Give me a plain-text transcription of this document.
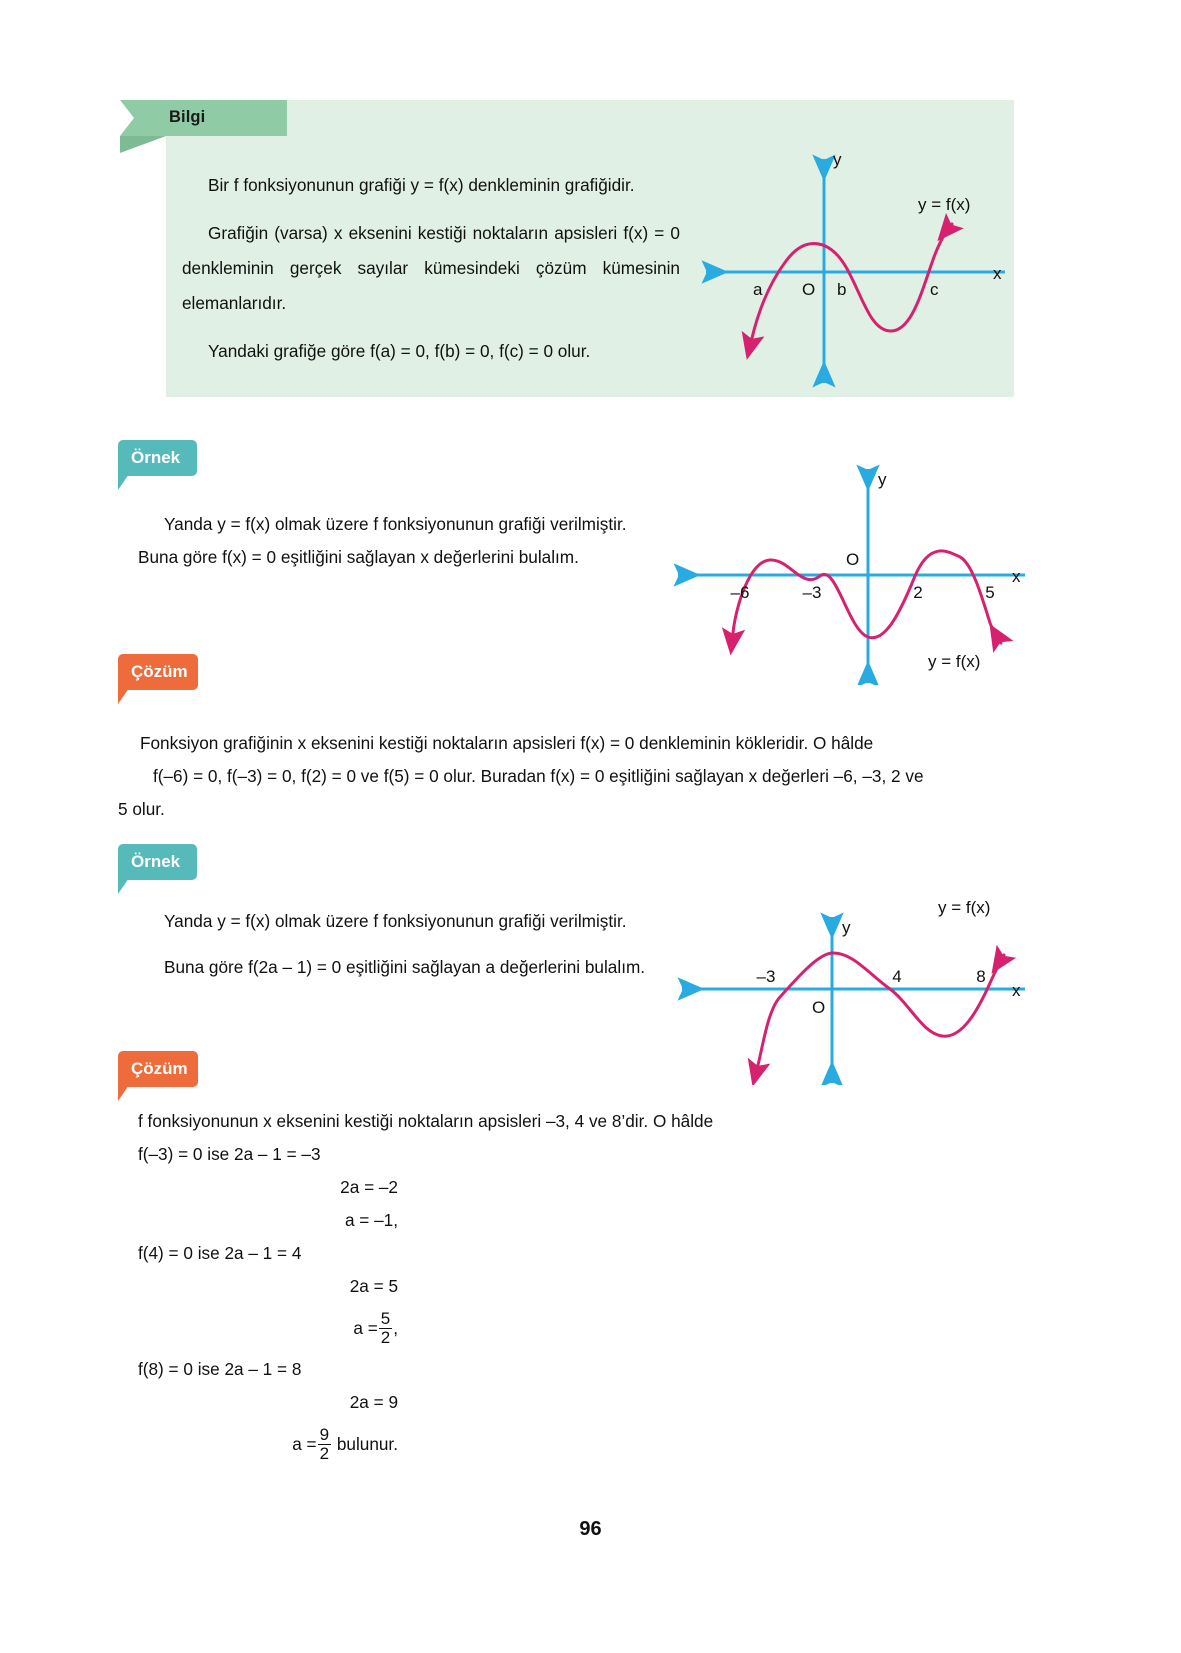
Bilgi

Bir f fonksiyonunun grafiği y = f(x) denkleminin grafiğidir.

Grafiğin (varsa) x eksenini kestiği noktaların apsisleri f(x) = 0 denkleminin gerçek sayılar kümesindeki çözüm kümesinin elemanlarıdır.

Yandaki grafiğe göre f(a) = 0, f(b) = 0, f(c) = 0 olur.

y
x
O
a	b	c
y = f(x)
Örnek

Yanda y = f(x) olmak üzere f fonksiyonunun grafiği verilmiştir. Buna göre f(x) = 0 eşitliğini sağlayan x değerlerini bulalım.

y
x
O
–6	–3	2	5
y = f(x)
Çözüm

Fonksiyon grafiğinin x eksenini kestiği noktaların apsisleri f(x) = 0 denkleminin kökleridir. O hâlde

f(–6) = 0, f(–3) = 0, f(2) = 0 ve f(5) = 0 olur. Buradan f(x) = 0 eşitliğini sağlayan x değerleri –6, –3, 2 ve

5 olur.

Örnek

Yanda y = f(x) olmak üzere f fonksiyonunun grafiği verilmiştir.

Buna göre f(2a – 1) = 0 eşitliğini sağlayan a değerlerini bulalım.

y
x
O
–3	4	8
y = f(x)
Çözüm
f fonksiyonunun x eksenini kestiği noktaların apsisleri –3, 4 ve 8’dir. O hâlde
f(–3) = 0 ise 2a – 1 = –3
2a = –2
a = –1,
f(4) = 0 ise 2a – 1 = 4
2a = 5
$a = \frac{5}{2}$ ,
f(8) = 0 ise 2a – 1 = 8
2a = 9
$a = \frac{9}{2}$ bulunur.
96
